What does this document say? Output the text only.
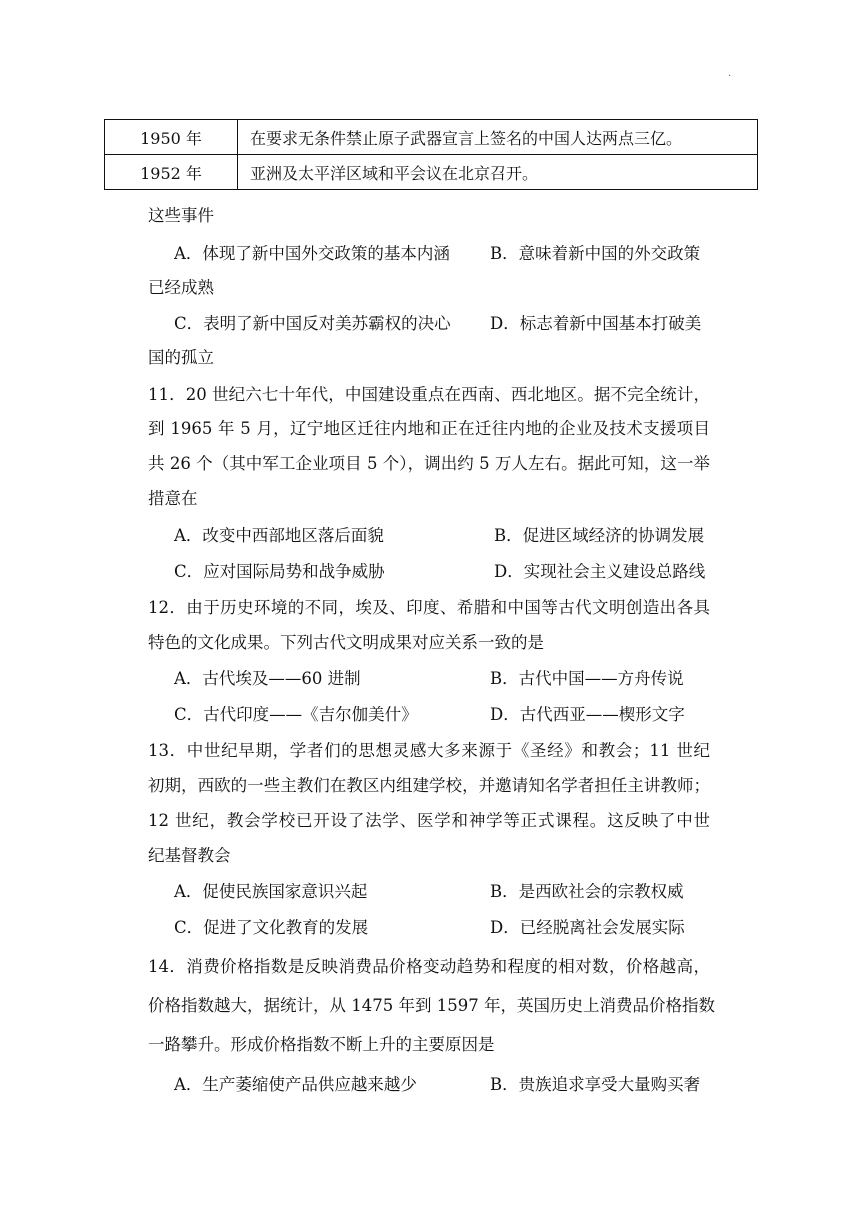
.
1950 年	在要求无条件禁止原子武器宣言上签名的中国人达两点三亿。
1952 年	亚洲及太平洋区域和平会议在北京召开。
这些事件
A．体现了新中国外交政策的基本内涵 B．意味着新中国的外交政策
已经成熟
C．表明了新中国反对美苏霸权的决心 D．标志着新中国基本打破美
国的孤立
11．20 世纪六七十年代，中国建设重点在西南、西北地区。据不完全统计，
到 1965 年 5 月，辽宁地区迁往内地和正在迁往内地的企业及技术支援项目
共 26 个（其中军工企业项目 5 个），调出约 5 万人左右。据此可知，这一举
措意在
A．改变中西部地区落后面貌	B．促进区域经济的协调发展
C．应对国际局势和战争威胁	D．实现社会主义建设总路线
12．由于历史环境的不同，埃及、印度、希腊和中国等古代文明创造出各具
特色的文化成果。下列古代文明成果对应关系一致的是
A．古代埃及——60 进制	B．古代中国——方舟传说
C．古代印度——《吉尔伽美什》	D．古代西亚——楔形文字
13．中世纪早期，学者们的思想灵感大多来源于《圣经》和教会；11 世纪
初期，西欧的一些主教们在教区内组建学校，并邀请知名学者担任主讲教师；
12 世纪，教会学校已开设了法学、医学和神学等正式课程。这反映了中世
纪基督教会
A．促使民族国家意识兴起	B．是西欧社会的宗教权威
C．促进了文化教育的发展	D．已经脱离社会发展实际
14．消费价格指数是反映消费品价格变动趋势和程度的相对数，价格越高，
价格指数越大，据统计，从 1475 年到 1597 年，英国历史上消费品价格指数
一路攀升。形成价格指数不断上升的主要原因是
A．生产萎缩使产品供应越来越少	B．贵族追求享受大量购买奢
